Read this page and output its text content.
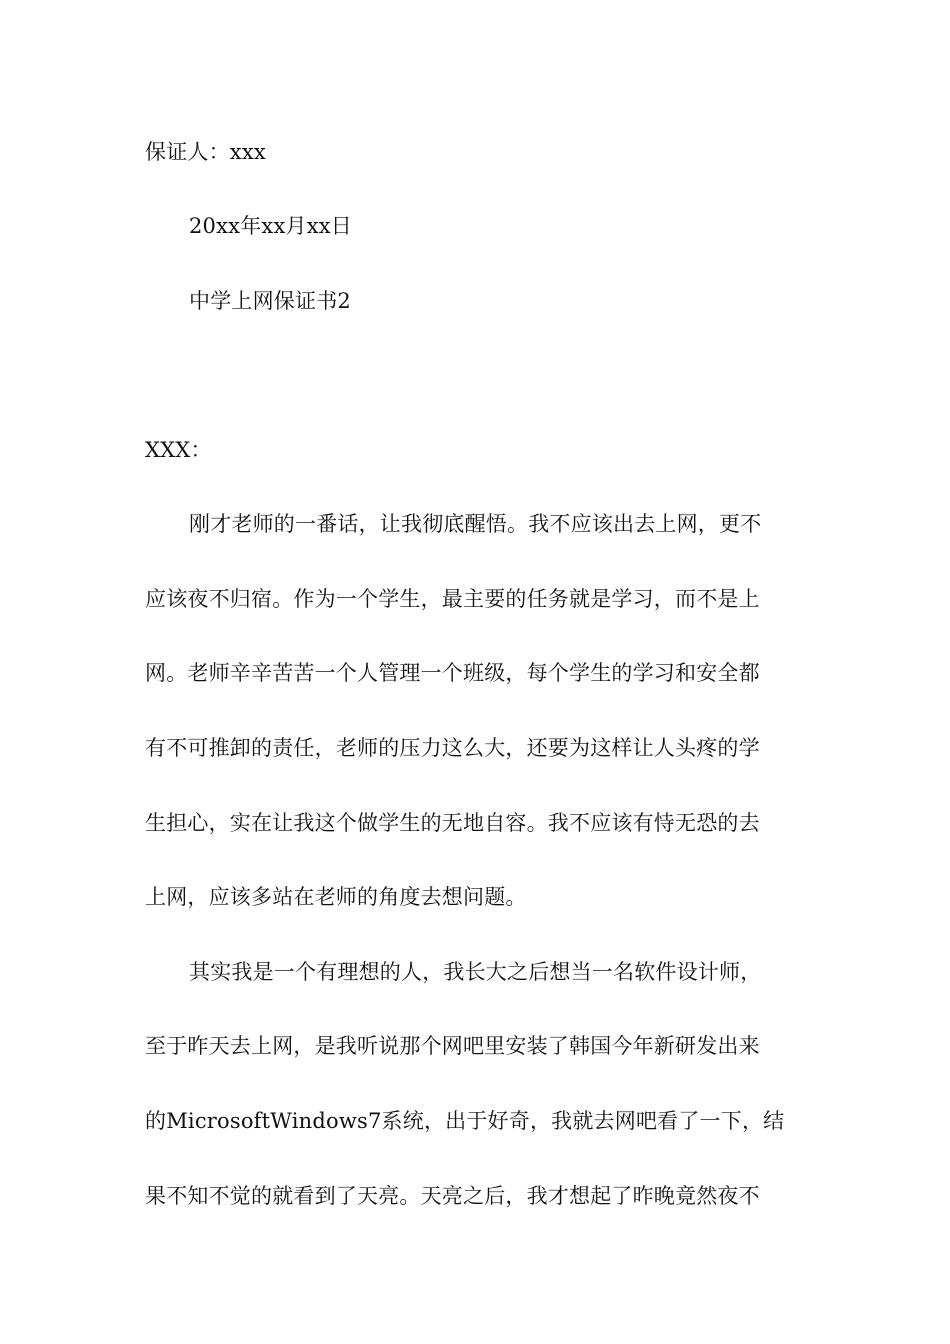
保证人：xxx
20xx年xx月xx日
中学上网保证书2
XXX：
刚才老师的一番话，让我彻底醒悟。我不应该出去上网，更不
应该夜不归宿。作为一个学生，最主要的任务就是学习，而不是上
网。老师辛辛苦苦一个人管理一个班级，每个学生的学习和安全都
有不可推卸的责任，老师的压力这么大，还要为这样让人头疼的学
生担心，实在让我这个做学生的无地自容。我不应该有恃无恐的去
上网，应该多站在老师的角度去想问题。
其实我是一个有理想的人，我长大之后想当一名软件设计师，
至于昨天去上网，是我听说那个网吧里安装了韩国今年新研发出来
的MicrosoftWindows7系统，出于好奇，我就去网吧看了一下，结
果不知不觉的就看到了天亮。天亮之后，我才想起了昨晚竟然夜不
